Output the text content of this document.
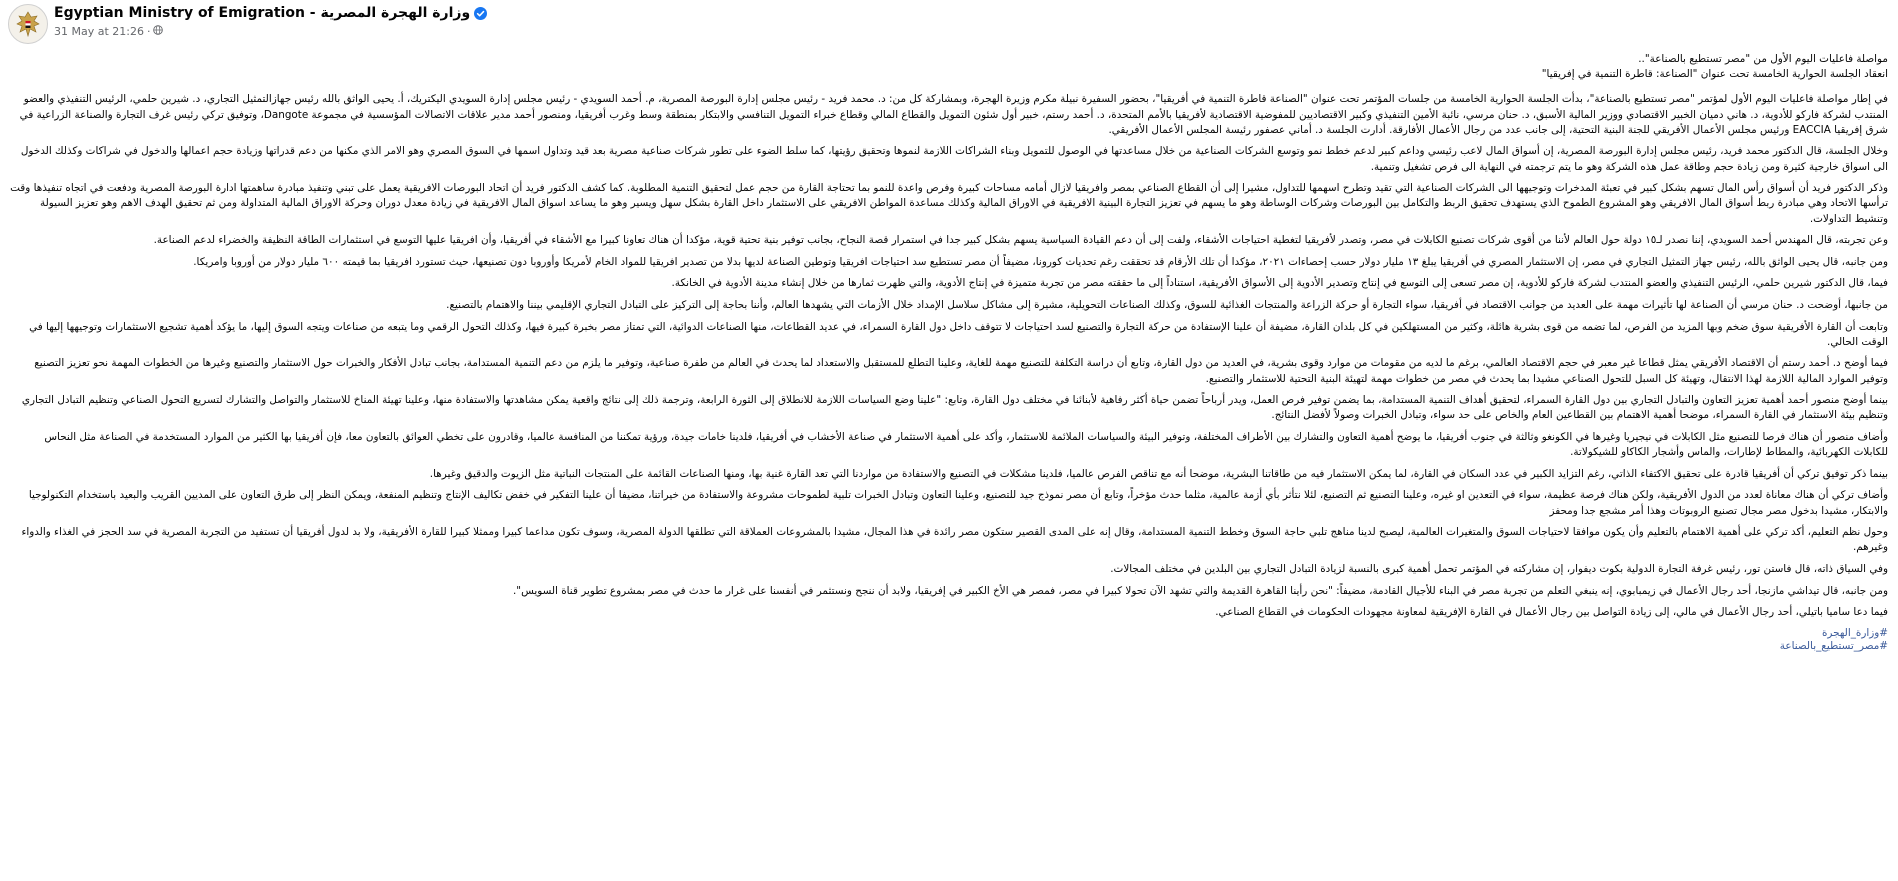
Egyptian Ministry of Emigration - وزارة الهجرة المصرية
31 May at 21:26 ·

مواصلة فاعليات اليوم الأول من "مصر تستطيع بالصناعة"..

انعقاد الجلسة الحوارية الخامسة تحت عنوان "الصناعة: قاطرة التنمية في إفريقيا"

في إطار مواصلة فاعليات اليوم الأول لمؤتمر "مصر تستطيع بالصناعة"، بدأت الجلسة الحوارية الخامسة من جلسات المؤتمر تحت عنوان "الصناعة قاطرة التنمية في أفريقيا"، بحضور السفيرة نبيلة مكرم وزيرة الهجرة، وبمشاركة كل من: د. محمد فريد - رئيس مجلس إدارة البورصة المصرية، م. أحمد السويدي - رئيس مجلس إدارة السويدي اليكتريك، أ. يحيى الواثق بالله رئيس جهازالتمثيل التجاري، د. شيرين حلمي، الرئيس التنفيذي والعضو المنتدب لشركة فاركو للأدوية، د. هاني دميان الخبير الاقتصادي ووزير المالية الأسبق، د. حنان مرسي، نائبة الأمين التنفيذي وكبير الاقتصاديين للمفوضية الاقتصادية لأفريقيا بالأمم المتحدة، د. أحمد رستم، خبير أول شئون التمويل والقطاع المالي وقطاع خبراء التمويل التنافسي والابتكار بمنطقة وسط وغرب أفريقيا، ومنصور أحمد مدير علاقات الاتصالات المؤسسية في مجموعة Dangote، وتوفيق تركي رئيس غرف التجارة والصناعة الزراعية في شرق إفريقيا EACCIA ورئيس مجلس الأعمال الأفريقي للجنة البنية التحتية، إلى جانب عدد من رجال الأعمال الأفارقة. أدارت الجلسة د. أماني عصفور رئيسة المجلس الأعمال الأفريقي.

وخلال الجلسة، قال الدكتور محمد فريد، رئيس مجلس إدارة البورصة المصرية، إن أسواق المال لاعب رئيسي وداعم كبير لدعم خطط نمو وتوسع الشركات الصناعية من خلال مساعدتها في الوصول للتمويل وبناء الشراكات اللازمة لنموها وتحقيق رؤيتها، كما سلط الضوء على تطور شركات صناعية مصرية بعد قيد وتداول اسمها في السوق المصري وهو الامر الذي مكنها من دعم قدراتها وزيادة حجم اعمالها والدخول في شراكات وكذلك الدخول الى اسواق خارجية كثيرة ومن زيادة حجم وطاقة عمل هذه الشركة وهو ما يتم ترجمته في النهاية الى فرص تشغيل وتنمية.

وذكر الدكتور فريد أن أسواق رأس المال تسهم بشكل كبير في تعبئة المدخرات وتوجيهها الى الشركات الصناعية التي تقيد وتطرح اسهمها للتداول، مشيرا إلى أن القطاع الصناعي بمصر وافريقيا لازال أمامه مساحات كبيرة وفرص واعدة للنمو بما تحتاجة القارة من حجم عمل لتحقيق التنمية المطلوبة. كما كشف الدكتور فريد أن اتحاد البورصات الافريقية يعمل على تبني وتنفيذ مبادرة ساهمتها ادارة البورصة المصرية ودفعت في اتجاه تنفيذها وقت ترأسها الاتحاد وهي مبادرة ربط أسواق المال الافريقي وهو المشروع الطموح الذي يستهدف تحقيق الربط والتكامل بين البورصات وشركات الوساطة وهو ما يسهم في تعزيز التجارة البينية الافريقية في الاوراق المالية وكذلك مساعدة المواطن الافريقي على الاستثمار داخل القارة بشكل سهل ويسير وهو ما يساعد اسواق المال الافريقية في زيادة معدل دوران وحركة الاوراق المالية المتداولة ومن ثم تحقيق الهدف الاهم وهو تعزيز السيولة وتنشيط التداولات.

وعن تجربته، قال المهندس أحمد السويدي، إننا نصدر لـ١٥ دولة حول العالم لأننا من أقوى شركات تصنيع الكابلات في مصر، وتصدر لأفريقيا لتغطية احتياجات الأشقاء، ولفت إلى أن دعم القيادة السياسية يسهم بشكل كبير جدا في استمرار قصة النجاح، بجانب توفير بنية تحتية قوية، مؤكدا أن هناك تعاونا كبيرا مع الأشقاء في أفريقيا، وأن افريقيا عليها التوسع في استثمارات الطاقة النظيفة والخضراء لدعم الصناعة.

ومن جانبه، قال يحيى الواثق بالله، رئيس جهاز التمثيل التجاري في مصر، إن الاستثمار المصري في أفريقيا يبلغ ١٣ مليار دولار حسب إحصاءات ٢٠٢١، مؤكدا أن تلك الأرقام قد تحققت رغم تحديات كورونا، مضيفاً أن مصر تستطيع سد احتياجات افريقيا وتوطين الصناعة لديها بدلا من تصدير افريقيا للمواد الخام لأمريكا وأوروبا دون تصنيعها، حيث تستورد افريقيا بما قيمته ٦٠٠ مليار دولار من أوروبا وامريكا.

فيما، قال الدكتور شيرين حلمي، الرئيس التنفيذي والعضو المنتدب لشركة فاركو للأدوية، إن مصر تسعى إلى التوسع في إنتاج وتصدير الأدوية إلى الأسواق الأفريقية، استناداً إلى ما حققته مصر من تجربة متميزة في إنتاج الأدوية، والتي ظهرت ثمارها من خلال إنشاء مدينة الأدوية في الخانكة.

من جانبها، أوضحت د. حنان مرسي أن الصناعة لها تأثيرات مهمة على العديد من جوانب الاقتصاد في أفريقيا، سواء التجارة أو حركة الزراعة والمنتجات الغذائية للسوق، وكذلك الصناعات التحويلية، مشيرة إلى مشاكل سلاسل الإمداد خلال الأزمات التي يشهدها العالم، وأننا بحاجة إلى التركيز على التبادل التجاري الإقليمي بيننا والاهتمام بالتصنيع.

وتابعت أن القارة الأفريقية سوق ضخم وبها المزيد من الفرص، لما تضمه من قوى بشرية هائلة، وكثير من المستهلكين في كل بلدان القارة، مضيفة أن علينا الإستفادة من حركة التجارة والتصنيع لسد احتياجات لا تتوقف داخل دول القارة السمراء، في عديد القطاعات، منها الصناعات الدوائية، التي تمتاز مصر بخبرة كبيرة فيها، وكذلك التحول الرقمي وما يتبعه من صناعات ويتجه السوق إليها، ما يؤكد أهمية تشجيع الاستثمارات وتوجيهها إليها في الوقت الحالي.

فيما أوضح د. أحمد رستم أن الاقتصاد الأفريقي يمثل قطاعا غير معبر في حجم الاقتصاد العالمي، برغم ما لديه من مقومات من موارد وقوى بشرية، في العديد من دول القارة، وتابع أن دراسة التكلفة للتصنيع مهمة للغاية، وعلينا التطلع للمستقبل والاستعداد لما يحدث في العالم من طفرة صناعية، وتوفير ما يلزم من دعم التنمية المستدامة، بجانب تبادل الأفكار والخبرات حول الاستثمار والتصنيع وغيرها من الخطوات المهمة نحو تعزيز التصنيع وتوفير الموارد المالية اللازمة لهذا الانتقال، وتهيئة كل السبل للتحول الصناعي مشيدا بما يحدث في مصر من خطوات مهمة لتهيئة البنية التحتية للاستثمار والتصنيع.

بينما أوضح منصور أحمد أهمية تعزيز التعاون والتبادل التجاري بين دول القارة السمراء، لتحقيق أهداف التنمية المستدامة، بما يضمن توفير فرص العمل، ويدر أرباحاً تضمن حياة أكثر رفاهية لأبنائنا في مختلف دول القارة، وتابع: "علينا وضع السياسات اللازمة للانطلاق إلى الثورة الرابعة، وترجمة ذلك إلى نتائج واقعية يمكن مشاهدتها والاستفادة منها، وعلينا تهيئة المناخ للاستثمار والتواصل والتشارك لتسريع التحول الصناعي وتنظيم التبادل التجاري وتنظيم بيئة الاستثمار في القارة السمراء، موضحا أهمية الاهتمام بين القطاعين العام والخاص على حد سواء، وتبادل الخبرات وصولاً لأفضل النتائج.

وأضاف منصور أن هناك فرصا للتصنيع مثل الكابلات في نيجيريا وغيرها في الكونغو وثالثة في جنوب أفريقيا، ما يوضح أهمية التعاون والتشارك بين الأطراف المختلفة، وتوفير البيئة والسياسات الملائمة للاستثمار، وأكد على أهمية الاستثمار في صناعة الأخشاب في أفريقيا، فلدينا خامات جيدة، ورؤية تمكننا من المنافسة عالميا، وقادرون على تخطي العوائق بالتعاون معا، فإن أفريقيا بها الكثير من الموارد المستخدمة في الصناعة مثل النحاس للكابلات الكهربائية، والمطاط لإطارات، والماس وأشجار الكاكاو للشيكولاتة.

بينما ذكر توفيق تركي أن أفريقيا قادرة على تحقيق الاكتفاء الذاتي، رغم التزايد الكبير في عدد السكان في القارة، لما يمكن الاستثمار فيه من طاقاتنا البشرية، موضحا أنه مع تناقص الفرص عالميا، فلدينا مشكلات في التصنيع والاستفادة من مواردنا التي تعد القارة غنية بها، ومنها الصناعات القائمة على المنتجات النباتية مثل الزيوت والدقيق وغيرها.

وأضاف تركي أن هناك معاناة لعدد من الدول الأفريقية، ولكن هناك فرصة عظيمة، سواء في التعدين او غيره، وعلينا التصنيع ثم التصنيع، لئلا نتأثر بأي أزمة عالمية، مثلما حدث مؤخراً، وتابع أن مصر نموذج جيد للتصنيع، وعلينا التعاون وتبادل الخبرات تلبية لطموحات مشروعة والاستفادة من خيراتنا، مضيفا أن علينا التفكير في خفض تكاليف الإنتاج وتنظيم المنفعة، ويمكن النظر إلى طرق التعاون على المديين القريب والبعيد باستخدام التكنولوجيا والابتكار، مشيدا بدخول مصر مجال تصنيع الروبوتات وهذا أمر مشجع جدا ومحفز

وحول نظم التعليم، أكد تركي على أهمية الاهتمام بالتعليم وأن يكون موافقا لاحتياجات السوق والمتغيرات العالمية، ليصبح لدينا مناهج تلبي حاجة السوق وخطط التنمية المستدامة، وقال إنه على المدى القصير ستكون مصر رائدة في هذا المجال، مشيدا بالمشروعات العملاقة التي تطلقها الدولة المصرية، وسوف تكون مداعما كبيرا وممثلا كبيرا للقارة الأفريقية، ولا بد لدول أفريقيا أن تستفيد من التجربة المصرية في سد الحجز في الغذاء والدواء وغيرهم.

وفي السياق ذاته، قال فاستن تور، رئيس غرفة التجارة الدولية بكوت ديفوار، إن مشاركته في المؤتمر تحمل أهمية كبرى بالنسبة لزيادة التبادل التجاري بين البلدين في مختلف المجالات.

ومن جانبه، قال تيداشي مازنجا، أحد رجال الأعمال في زيمبابوي، إنه ينبغي التعلم من تجربة مصر في البناء للأجيال القادمة، مضيفاً: "نحن رأينا القاهرة القديمة والتي تشهد الآن تحولا كبيرا في مصر، فمصر هي الأخ الكبير في إفريقيا، ولابد أن ننجح ونستثمر في أنفسنا على غرار ما حدث في مصر بمشروع تطوير قناة السويس".

فيما دعا ساميا باتيلي، أحد رجال الأعمال في مالي، إلى زيادة التواصل بين رجال الأعمال في القارة الإفريقية لمعاونة مجهودات الحكومات في القطاع الصناعي.

#وزارة_الهجرة
#مصر_تستطيع_بالصناعة
